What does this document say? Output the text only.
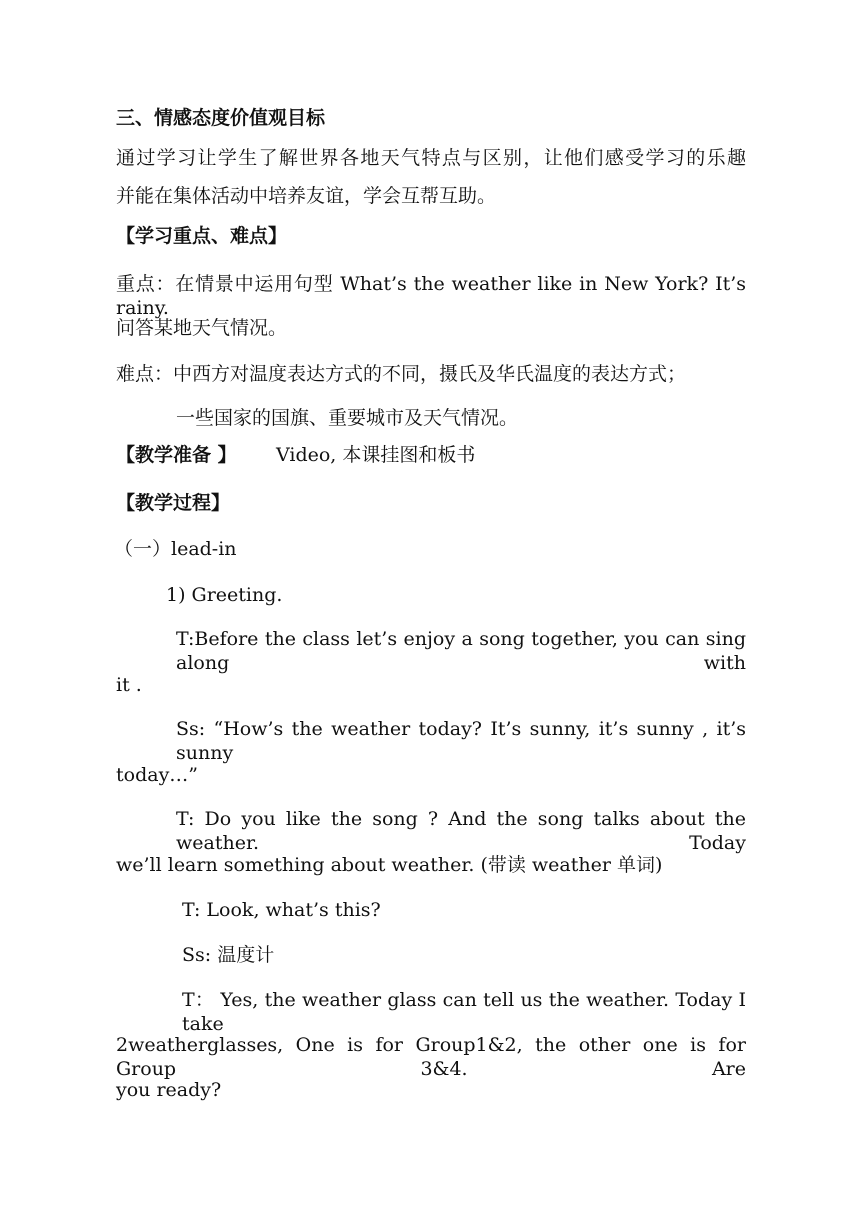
三、情感态度价值观目标
通过学习让学生了解世界各地天气特点与区别，让他们感受学习的乐趣
并能在集体活动中培养友谊，学会互帮互助。
【学习重点、难点】
重点：在情景中运用句型 What’s the weather like in New York? It’s rainy.
问答某地天气情况。
难点：中西方对温度表达方式的不同，摄氏及华氏温度的表达方式；
一些国家的国旗、重要城市及天气情况。
【教学准备 】 Video, 本课挂图和板书
【教学过程】
（一）lead-in
1) Greeting.
T:Before the class let’s enjoy a song together, you can sing along with
it .
Ss: “How’s the weather today? It’s sunny, it’s sunny , it’s sunny
today…”
T: Do you like the song ? And the song talks about the weather. Today
we’ll learn something about weather. (带读 weather 单词)
T: Look, what’s this?
Ss: 温度计
T： Yes, the weather glass can tell us the weather. Today I take
2weatherglasses, One is for Group1&2, the other one is for Group 3&4. Are
you ready?
